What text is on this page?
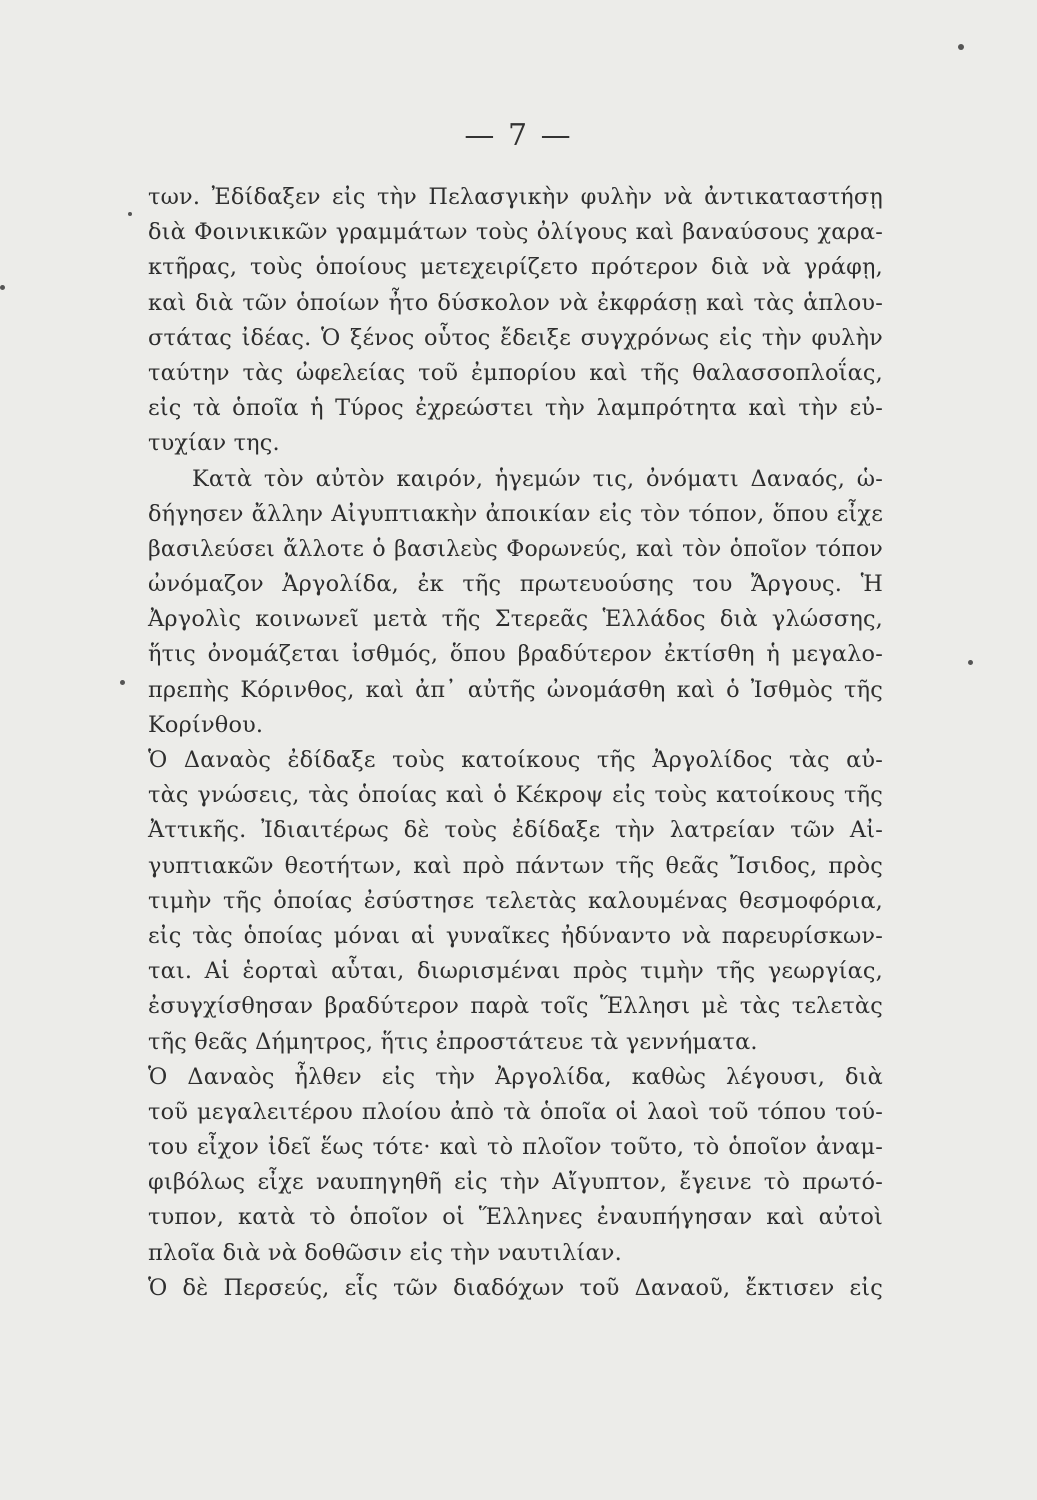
— 7 —
των. Ἐδίδαξεν εἰς τὴν Πελασγικὴν φυλὴν νὰ ἀντικαταστήσῃ
διὰ Φοινικικῶν γραμμάτων τοὺς ὀλίγους καὶ βαναύσους χαρα-
κτῆρας, τοὺς ὁποίους μετεχειρίζετο πρότερον διὰ νὰ γράφῃ,
καὶ διὰ τῶν ὁποίων ἦτο δύσκολον νὰ ἐκφράσῃ καὶ τὰς ἁπλου-
στάτας ἰδέας. Ὁ ξένος οὗτος ἔδειξε συγχρόνως εἰς τὴν φυλὴν
ταύτην τὰς ὠφελείας τοῦ ἐμπορίου καὶ τῆς θαλασσοπλοΐας,
εἰς τὰ ὁποῖα ἡ Τύρος ἐχρεώστει τὴν λαμπρότητα καὶ τὴν εὐ-
τυχίαν της.
Κατὰ τὸν αὐτὸν καιρόν, ἡγεμών τις, ὀνόματι Δαναός, ὡ-
δήγησεν ἄλλην Αἰγυπτιακὴν ἀποικίαν εἰς τὸν τόπον, ὅπου εἶχε
βασιλεύσει ἄλλοτε ὁ βασιλεὺς Φορωνεύς, καὶ τὸν ὁποῖον τόπον
ὠνόμαζον Ἀργολίδα, ἐκ τῆς πρωτευούσης του Ἄργους. Ἡ
Ἀργολὶς κοινωνεῖ μετὰ τῆς Στερεᾶς Ἑλλάδος διὰ γλώσσης,
ἥτις ὀνομάζεται ἰσθμός, ὅπου βραδύτερον ἐκτίσθη ἡ μεγαλο-
πρεπὴς Κόρινθος, καὶ ἀπ᾽ αὐτῆς ὠνομάσθη καὶ ὁ Ἰσθμὸς τῆς
Κορίνθου.
Ὁ Δαναὸς ἐδίδαξε τοὺς κατοίκους τῆς Ἀργολίδος τὰς αὐ-
τὰς γνώσεις, τὰς ὁποίας καὶ ὁ Κέκροψ εἰς τοὺς κατοίκους τῆς
Ἀττικῆς. Ἰδιαιτέρως δὲ τοὺς ἐδίδαξε τὴν λατρείαν τῶν Αἰ-
γυπτιακῶν θεοτήτων, καὶ πρὸ πάντων τῆς θεᾶς Ἴσιδος, πρὸς
τιμὴν τῆς ὁποίας ἐσύστησε τελετὰς καλουμένας θεσμοφόρια,
εἰς τὰς ὁποίας μόναι αἱ γυναῖκες ἠδύναντο νὰ παρευρίσκων-
ται. Αἱ ἑορταὶ αὗται, διωρισμέναι πρὸς τιμὴν τῆς γεωργίας,
ἐσυγχίσθησαν βραδύτερον παρὰ τοῖς Ἕλλησι μὲ τὰς τελετὰς
τῆς θεᾶς Δήμητρος, ἥτις ἐπροστάτευε τὰ γεννήματα.
Ὁ Δαναὸς ἦλθεν εἰς τὴν Ἀργολίδα, καθὼς λέγουσι, διὰ
τοῦ μεγαλειτέρου πλοίου ἀπὸ τὰ ὁποῖα οἱ λαοὶ τοῦ τόπου τού-
του εἶχον ἰδεῖ ἕως τότε· καὶ τὸ πλοῖον τοῦτο, τὸ ὁποῖον ἀναμ-
φιβόλως εἶχε ναυπηγηθῆ εἰς τὴν Αἴγυπτον, ἔγεινε τὸ πρωτό-
τυπον, κατὰ τὸ ὁποῖον οἱ Ἕλληνες ἐναυπήγησαν καὶ αὐτοὶ
πλοῖα διὰ νὰ δοθῶσιν εἰς τὴν ναυτιλίαν.
Ὁ δὲ Περσεύς, εἷς τῶν διαδόχων τοῦ Δαναοῦ, ἔκτισεν εἰς
